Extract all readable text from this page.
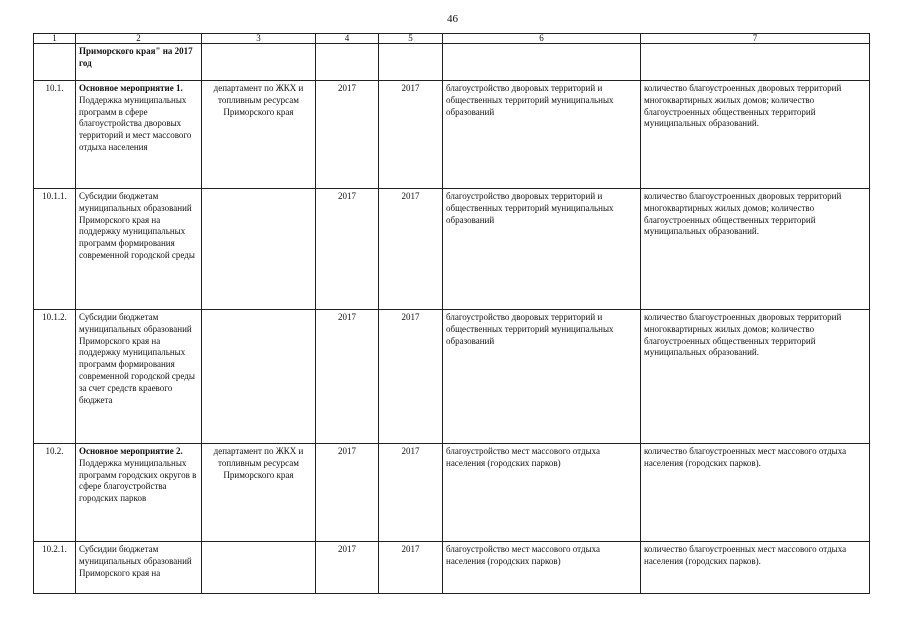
46
1	2	3	4	5	6	7
	Приморского края" на 2017 год					
10.1.	Основное мероприятие 1. Поддержка муниципальных программ в сфере благоустройства дворовых территорий и мест массового отдыха населения	департамент по ЖКХ и топливным ресурсам Приморского края	2017	2017	благоустройство дворовых территорий и общественных территорий муниципальных образований	количество благоустроенных дворовых территорий многоквартирных жилых домов; количество благоустроенных общественных территорий муниципальных образований.
10.1.1.	Субсидии бюджетам муниципальных образований Приморского края на поддержку муниципальных программ формирования современной городской среды		2017	2017	благоустройство дворовых территорий и общественных территорий муниципальных образований	количество благоустроенных дворовых территорий многоквартирных жилых домов; количество благоустроенных общественных территорий муниципальных образований.
10.1.2.	Субсидии бюджетам муниципальных образований Приморского края на поддержку муниципальных программ формирования современной городской среды за счет средств краевого бюджета		2017	2017	благоустройство дворовых территорий и общественных территорий муниципальных образований	количество благоустроенных дворовых территорий многоквартирных жилых домов; количество благоустроенных общественных территорий муниципальных образований.
10.2.	Основное мероприятие 2. Поддержка муниципальных программ городских округов в сфере благоустройства городских парков	департамент по ЖКХ и топливным ресурсам Приморского края	2017	2017	благоустройство мест массового отдыха населения (городских парков)	количество благоустроенных мест массового отдыха населения (городских парков).
10.2.1.	Субсидии бюджетам муниципальных образований Приморского края на		2017	2017	благоустройство мест массового отдыха населения (городских парков)	количество благоустроенных мест массового отдыха населения (городских парков).
